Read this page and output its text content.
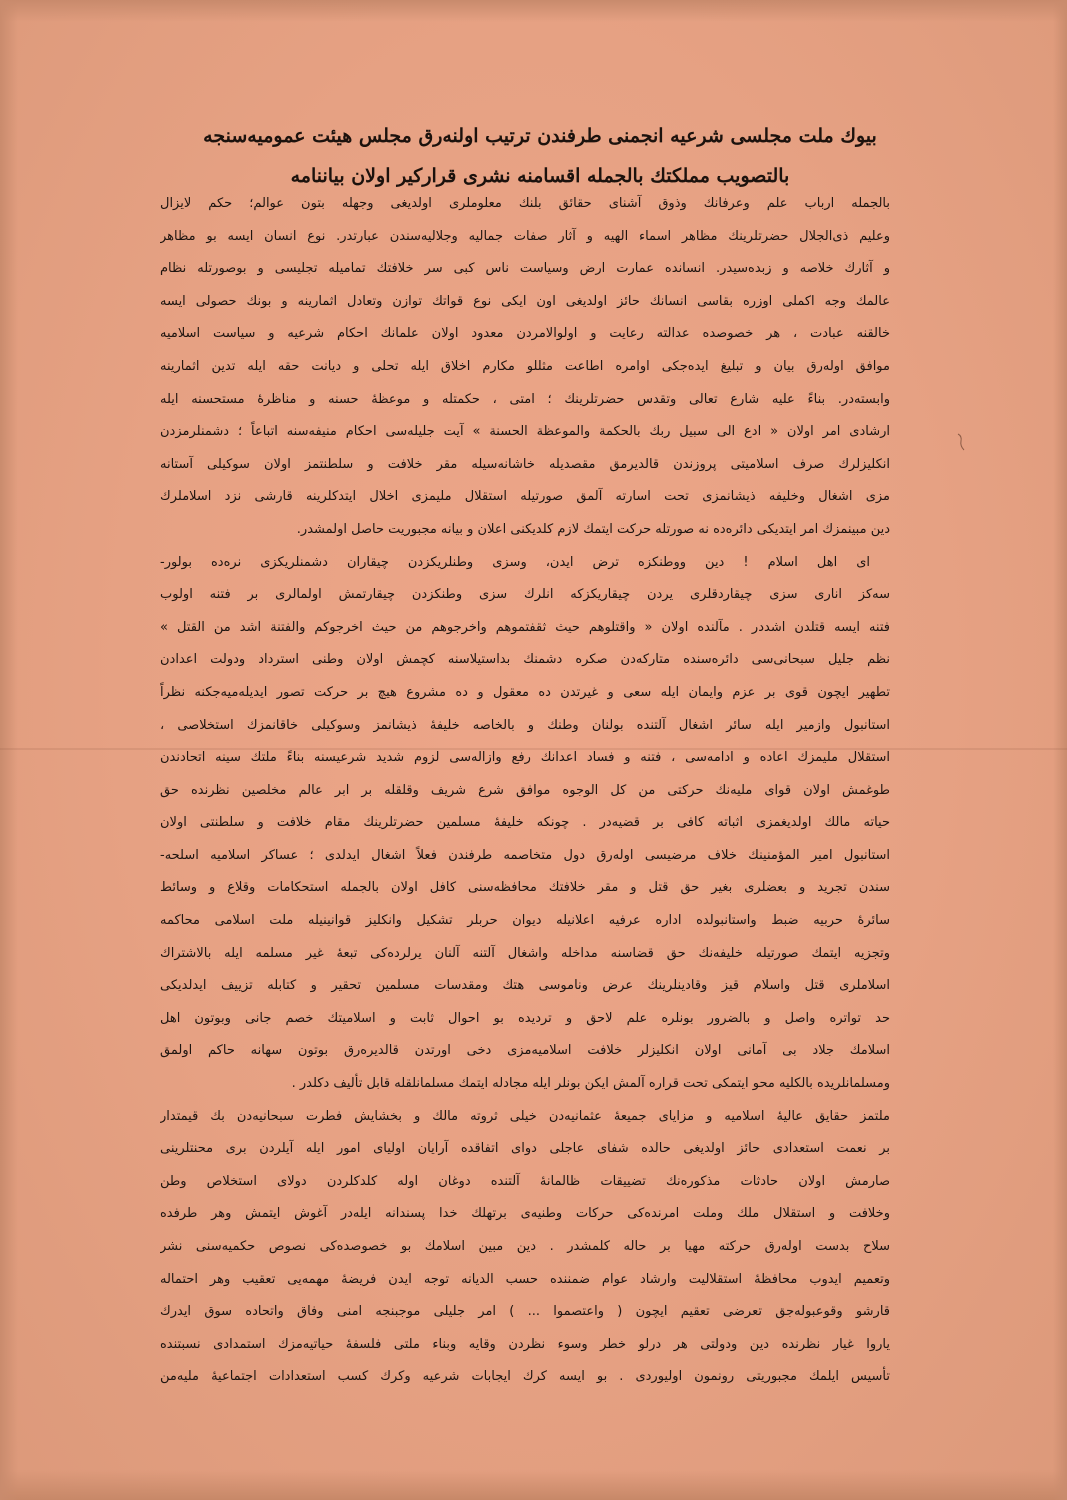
بیوك ملت مجلسی شرعیه انجمنی طرفندن ترتیب اولنه‌رق مجلس هیئت عمومیه‌سنجه
بالتصویب مملكتك بالجمله اقسامنه نشری قرارکیر اولان بیاننامه
بالجمله ارباب علم وعرفانك وذوق آشنای حقائق بلنك معلوملری اولدیغی وجهله بتون عوالم؛ حكم لایزال
وعلیم ذی‌الجلال حضرتلرینك مظاهر اسماء الهیه و آثار صفات جمالیه وجلالیه‌سندن عبارتدر. نوع انسان ایسه بو مظاهر
و آثارك خلاصه و زبده‌سیدر. انسانده عمارت ارض وسیاست ناس کبی سر خلافتك تمامیله تجلیسی و بوصورتله نظام
عالمك وجه اكملی اوزره بقاسی انسانك حائز اولدیغی اون ایكی نوع قواتك توازن وتعادل اثمارینه و بونك حصولی ایسه
خالقنه عبادت ، هر خصوصده عدالته رعایت و اولوالامردن معدود اولان علمانك احكام شرعیه و سیاست اسلامیه
موافق اوله‌رق بیان و تبلیغ ایده‌جكی اوامره اطاعت مثللو مكارم اخلاق ایله تحلی و دیانت حقه ایله تدین اثمارینه
وابسته‌در. بناءً علیه شارع تعالی وتقدس حضرتلرینك ؛ امتی ، حكمتله و موعظهٔ حسنه و مناظرهٔ مستحسنه ایله
ارشادی امر اولان « ادع الی سبیل ربك بالحكمة والموعظة الحسنة » آیت جلیله‌سی احكام منیفه‌سنه اتباعاً ؛ دشمنلرمزدن
انكلیزلرك صرف اسلامیتی پروزندن قالدیرمق مقصدیله خاشانه‌سیله مقر خلافت و سلطنتمز اولان سوكیلی آستانه‌
مزی اشغال وخلیفه ذیشانمزی تحت اسارته آلمق صورتیله استقلال ملیمزی اخلال ایتدكلرینه قارشی نزد اسلاملرك
دین مبینمزك امر ایتدیكی دائره‌ده نه صورتله حركت ایتمك لازم كلدیكنی اعلان و بیانه مجبوریت حاصل اولمشدر.
ای اهل اسلام ! دین ووطنكزه ترض ایدن، وسزی وطنلریكزدن چیقاران دشمنلریكزی نره‌ده بولور-
سه‌كز اناری سزی چیقاردقلری یردن چیقاریكزكه انلرك سزی وطنكزدن چیقارتمش اولمالری بر فتنه اولوب
فتنه ایسه قتلدن اشددر . مآلنده اولان « واقتلوهم حیث ثقفتموهم واخرجوهم من حیث اخرجوكم والفتنة اشد من القتل »
نظم جلیل سبحانی‌سی دائره‌سنده متاركه‌دن صكره دشمنك بداستیلاسنه كچمش اولان وطنی استرداد ودولت اعدادن
تطهیر ایچون قوی بر عزم وایمان ایله سعی و غیرتدن ده معقول و ده مشروع هیچ بر حركت تصور ایدیله‌میه‌جكنه نظراً
استانبول وازمیر ایله سائر اشغال آلتنده بولنان وطنك و بالخاصه خلیفهٔ ذیشانمز وسوكیلی خاقانمزك استخلاصی ،
استقلال ملیمزك اعاده و ادامه‌سی ، فتنه و فساد اعدانك رفع وازاله‌سی لزوم شدید شرعیسنه بناءً ملتك سینه اتحادندن
طوغمش اولان قوای ملیه‌نك حركتی من كل الوجوه موافق شرع شریف وقلقله بر ابر عالم مخلصین نظرنده حق
حیاته مالك اولدیغمزی اثباته كافی بر قضیه‌در . چونكه خلیفهٔ مسلمین حضرتلرینك مقام خلافت و سلطنتی اولان
استانبول امیر المؤمنینك خلاف مرضیسی اوله‌رق دول متخاصمه طرفندن فعلاً اشغال ایدلدی ؛ عساكر اسلامیه اسلحه-
سندن تجرید و بعضلری بغیر حق قتل و مقر خلافتك محافظه‌سنی كافل اولان بالجمله استحكامات وقلاع و وسائط
سائرهٔ حربیه ضبط واستانبولده اداره عرفیه اعلانیله دیوان حربلر تشكیل وانكلیز قوانینیله ملت اسلامی محاكمه
وتجزیه ایتمك صورتیله خلیفه‌نك حق قضاسنه مداخله واشغال آلتنه آلنان یرلرده‌كی تبعهٔ غیر مسلمه ایله بالاشتراك
اسلاملری قتل واسلام قیز وقادینلرینك عرض وناموسی هتك ومقدسات مسلمین تحقیر و كتابله تزییف ایدلدیكی
حد تواتره واصل و بالضرور بونلره علم لاحق و تردیده بو احوال ثابت و اسلامیتك خصم جانی وبوتون اهل
اسلامك جلاد بی آمانی اولان انكلیزلر خلافت اسلامیه‌مزی دخی اورتدن قالدیره‌رق بوتون سهانه حاكم اولمق
ومسلمانلریده بالكلیه محو ایتمكی تحت قراره آلمش ایكن بونلر ایله مجادله ایتمك مسلمانلقله قابل تألیف دكلدر .
ملتمز حقایق عالیهٔ اسلامیه و مزایای جمیعهٔ عثمانیه‌دن خیلی ثروته مالك و بخشایش فطرت سبحانیه‌دن بك قیمتدار
بر نعمت استعدادی حائز اولدیغی حالده شفای عاجلی دوای اتفاقده آرایان اولیای امور ایله آیلردن بری محنتلرینی
صارمش اولان حادثات مذكوره‌نك تضییقات ظالمانهٔ آلتنده دوغان اوله كلدكلردن دولای استخلاص وطن
وخلافت و استقلال ملك وملت امرنده‌كی حركات وطنیه‌ی برتهلك خدا پسندانه ایله‌در آغوش ایتمش وهر طرفده
سلاح بدست اوله‌رق حركته مهیا بر حاله كلمشدر . دین مبین اسلامك بو خصوصده‌كی نصوص حكمیه‌سنی نشر
وتعمیم ایدوب محافظهٔ استقلالیت وارشاد عوام ضمننده حسب الدیانه توجه ایدن فریضهٔ مهمه‌یی تعقیب وهر احتماله
قارشو وقوعبوله‌جق تعرضی تعقیم ایچون ( واعتصموا ... ) امر جلیلی موجبنجه امنی وفاق واتحاده سوق ایدرك
یاروا غیار نظرنده دین ودولتی هر درلو خطر وسوء نظردن وقایه وبناء ملتی فلسفهٔ حیاتیه‌مزك استمدادی نسبتنده
تأسیس ایلمك مجبوریتی رونمون اولیوردی . بو ایسه كرك ایجابات شرعیه وكرك كسب استعدادات اجتماعیهٔ ملیه‌من
